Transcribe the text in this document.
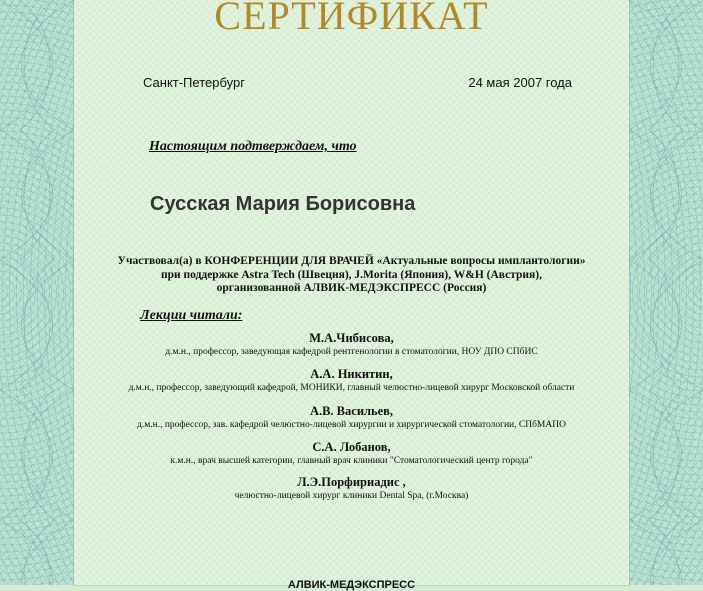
СЕРТИФИКАТ
Санкт-Петербург	24 мая 2007 года
Настоящим подтверждаем, что
Сусская Мария Борисовна
Участвовал(а) в КОНФЕРЕНЦИИ ДЛЯ ВРАЧЕЙ «Актуальные вопросы имплантологии»
при поддержке Astra Tech (Швеция), J.Morita (Япония), W&H (Австрия),
организованной АЛВИК-МЕДЭКСПРЕСС (Россия)
Лекции читали:
М.А.Чибисова,
д.м.н., профессор, заведующая кафедрой рентгенологии в стоматологии, НОУ ДПО СПбИС
А.А. Никитин,
д.м.н., профессор, заведующий кафедрой, МОНИКИ, главный челюстно-лицевой хирург Московской области
А.В. Васильев,
д.м.н., профессор, зав. кафедрой челюстно-лицевой хирургии и хирургической стоматологии, СПбМАПО
С.А. Лобанов,
к.м.н., врач высшей категории, главный врач клиники "Стоматологический центр города"
Л.Э.Порфириадис ,
челюстно-лицевой хирург клиники Dental Spa, (г.Москва)
АЛВИК-МЕДЭКСПРЕСС
